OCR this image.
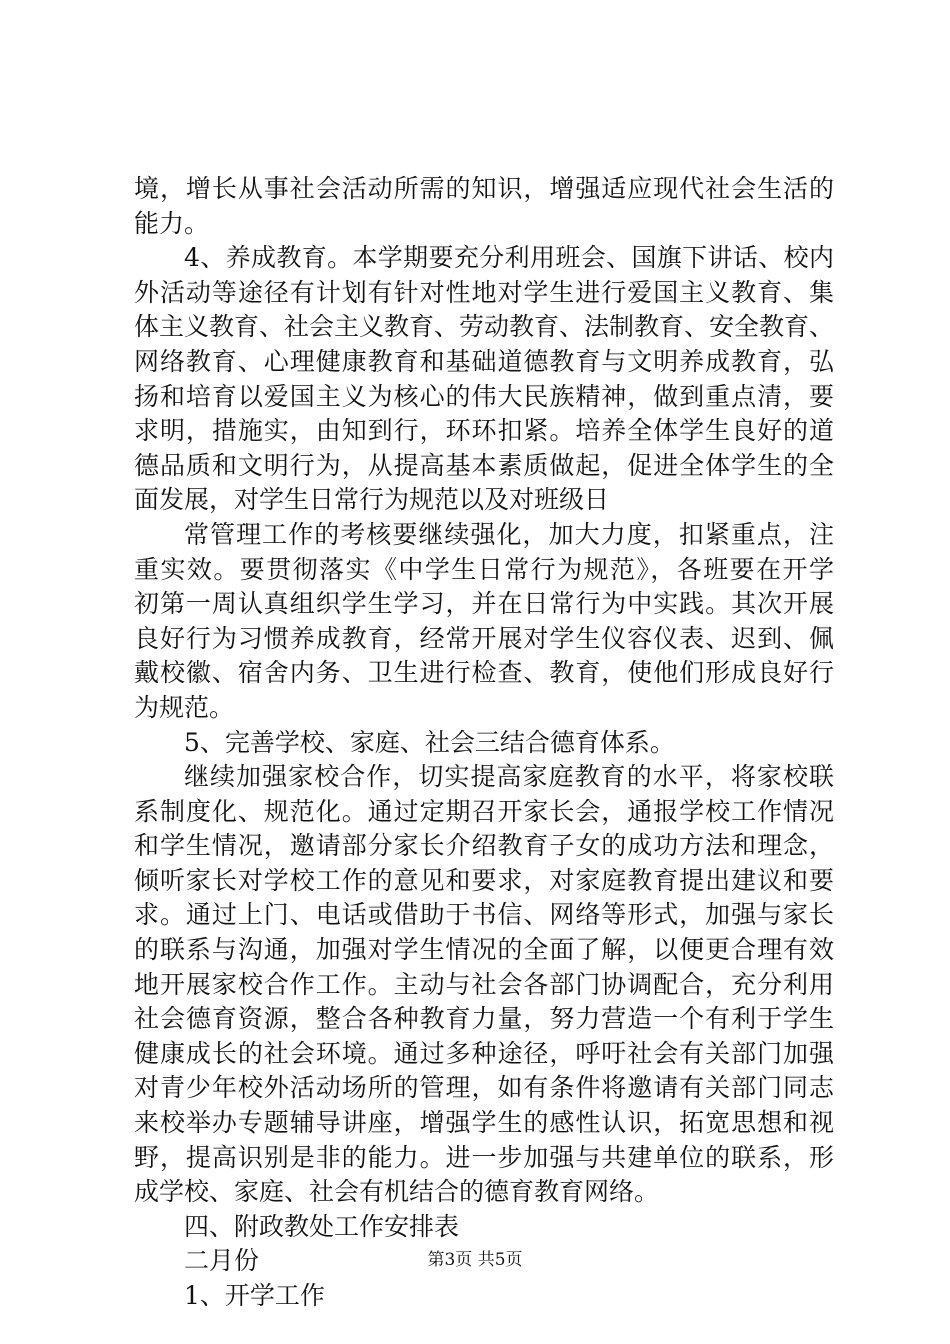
境，增长从事社会活动所需的知识，增强适应现代社会生活的
能力。
4、养成教育。本学期要充分利用班会、国旗下讲话、校内
外活动等途径有计划有针对性地对学生进行爱国主义教育、集
体主义教育、社会主义教育、劳动教育、法制教育、安全教育、
网络教育、心理健康教育和基础道德教育与文明养成教育，弘
扬和培育以爱国主义为核心的伟大民族精神，做到重点清，要
求明，措施实，由知到行，环环扣紧。培养全体学生良好的道
德品质和文明行为，从提高基本素质做起，促进全体学生的全
面发展，对学生日常行为规范以及对班级日
常管理工作的考核要继续强化，加大力度，扣紧重点，注
重实效。要贯彻落实《中学生日常行为规范》，各班要在开学
初第一周认真组织学生学习，并在日常行为中实践。其次开展
良好行为习惯养成教育，经常开展对学生仪容仪表、迟到、佩
戴校徽、宿舍内务、卫生进行检查、教育，使他们形成良好行
为规范。
5、完善学校、家庭、社会三结合德育体系。
继续加强家校合作，切实提高家庭教育的水平，将家校联
系制度化、规范化。通过定期召开家长会，通报学校工作情况
和学生情况，邀请部分家长介绍教育子女的成功方法和理念，
倾听家长对学校工作的意见和要求，对家庭教育提出建议和要
求。通过上门、电话或借助于书信、网络等形式，加强与家长
的联系与沟通，加强对学生情况的全面了解，以便更合理有效
地开展家校合作工作。主动与社会各部门协调配合，充分利用
社会德育资源，整合各种教育力量，努力营造一个有利于学生
健康成长的社会环境。通过多种途径，呼吁社会有关部门加强
对青少年校外活动场所的管理，如有条件将邀请有关部门同志
来校举办专题辅导讲座，增强学生的感性认识，拓宽思想和视
野，提高识别是非的能力。进一步加强与共建单位的联系，形
成学校、家庭、社会有机结合的德育教育网络。
四、附政教处工作安排表
二月份
1、开学工作
第3页 共5页
